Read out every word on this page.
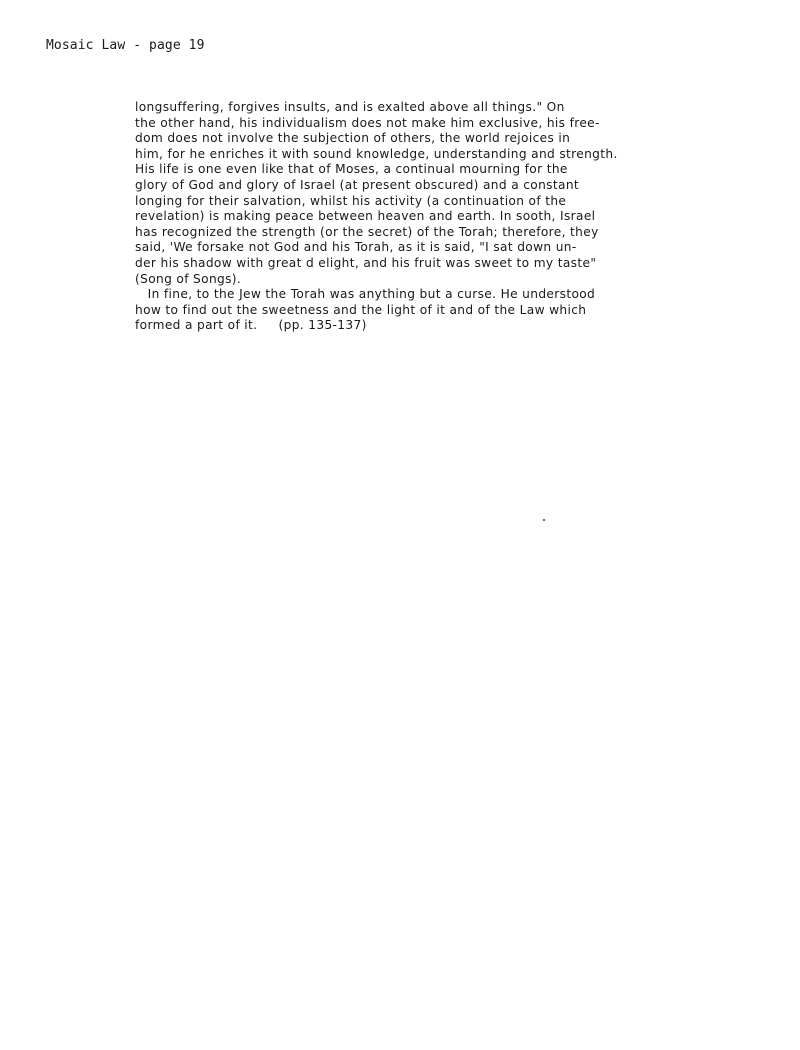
Mosaic Law - page 19
longsuffering, forgives insults, and is exalted above all things." On
the other hand, his individualism does not make him exclusive, his free-
dom does not involve the subjection of others, the world rejoices in
him, for he enriches it with sound knowledge, understanding and strength.
His life is one even like that of Moses, a continual mourning for the
glory of God and glory of Israel (at present obscured) and a constant
longing for their salvation, whilst his activity (a continuation of the
revelation) is making peace between heaven and earth. In sooth, Israel
has recognized the strength (or the secret) of the Torah; therefore, they
said, 'We forsake not God and his Torah, as it is said, "I sat down un-
der his shadow with great d elight, and his fruit was sweet to my taste"
(Song of Songs).
In fine, to the Jew the Torah was anything but a curse. He understood
how to find out the sweetness and the light of it and of the Law which
formed a part of it.     (pp. 135-137)
